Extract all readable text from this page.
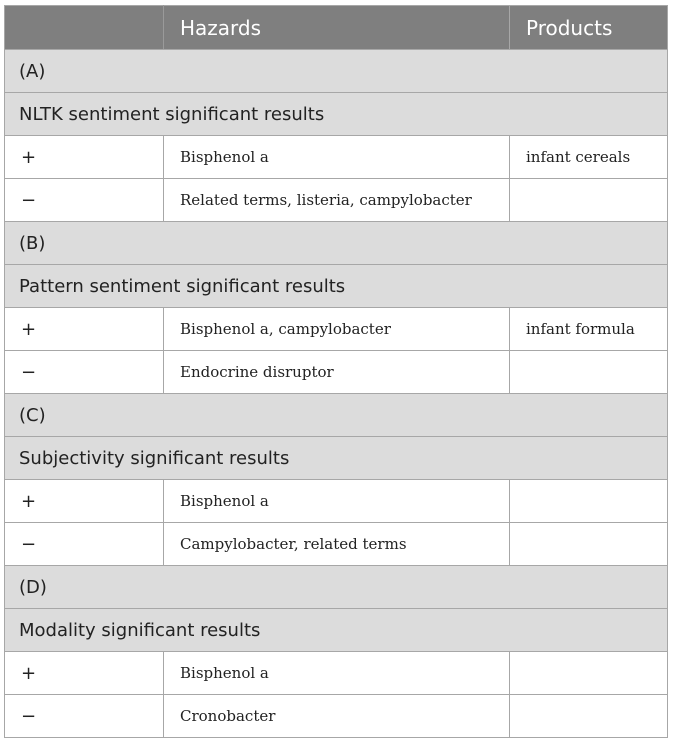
	Hazards	Products
(A)		
NLTK sentiment significant results		
+	Bisphenol a	infant cereals
−	Related terms, listeria, campylobacter	
(B)		
Pattern sentiment significant results		
+	Bisphenol a, campylobacter	infant formula
−	Endocrine disruptor	
(C)		
Subjectivity significant results		
+	Bisphenol a	
−	Campylobacter, related terms	
(D)		
Modality significant results		
+	Bisphenol a	
−	Cronobacter	
